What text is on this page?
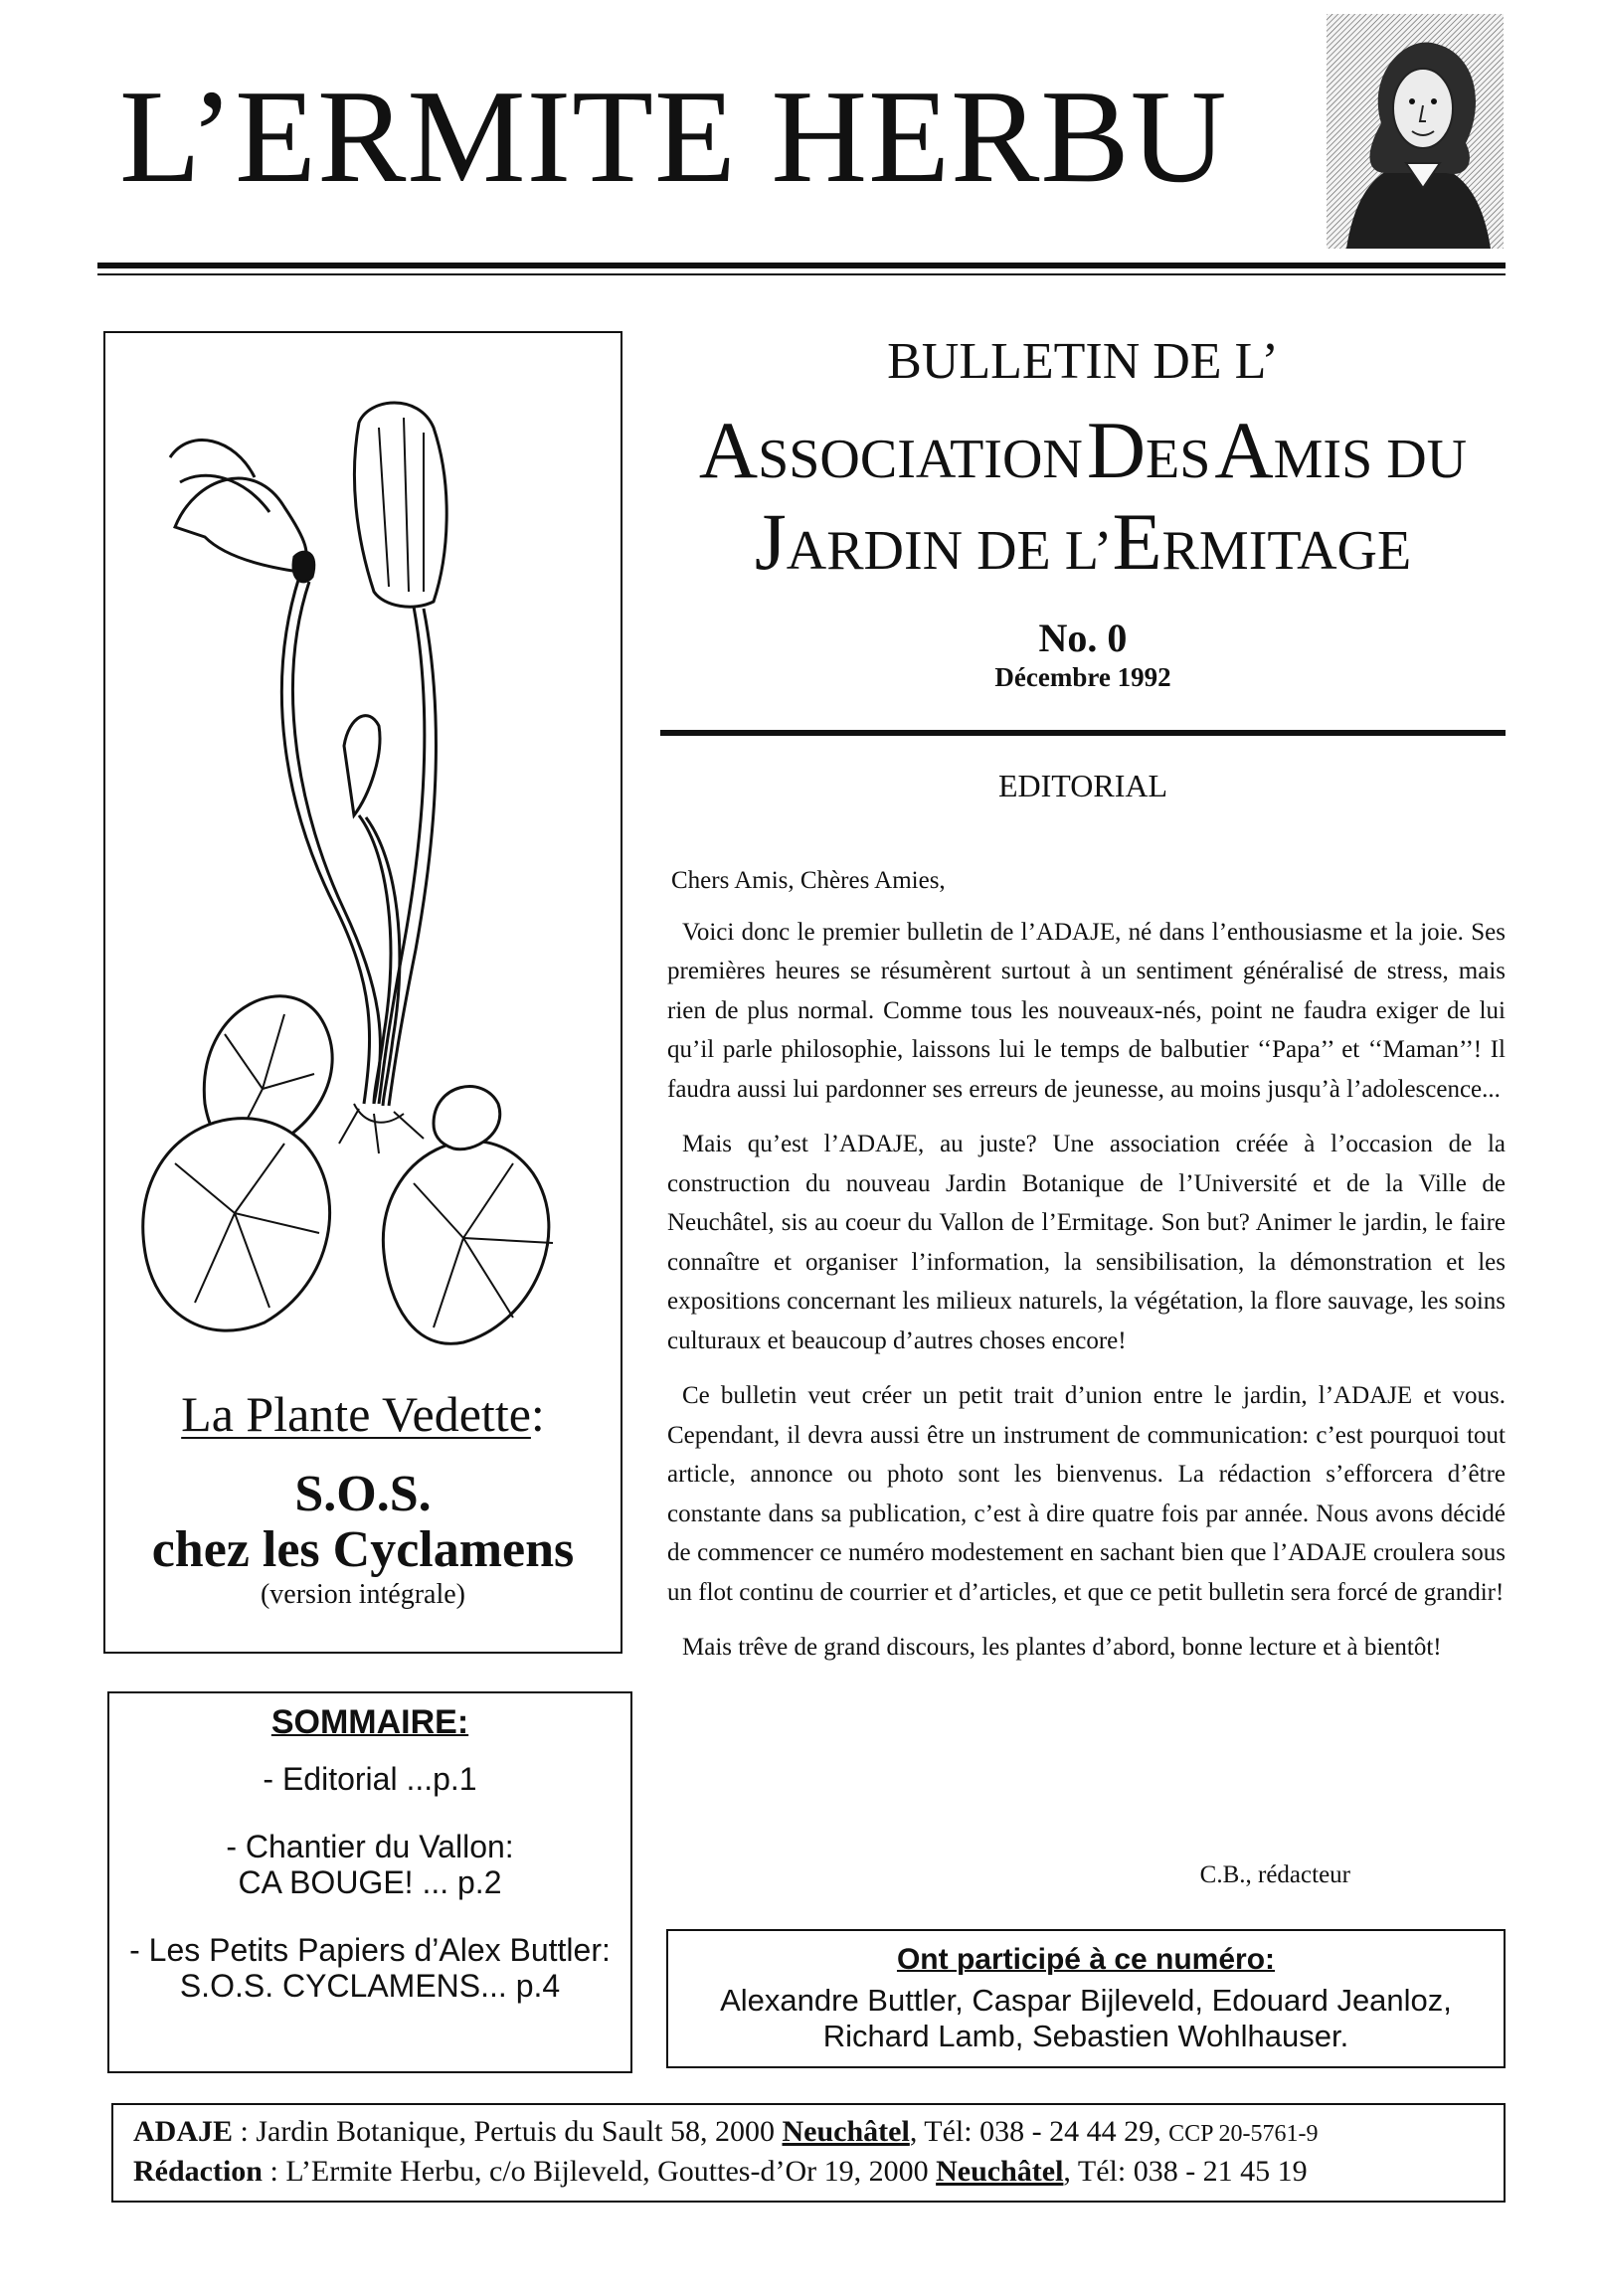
L’ERMITE HERBU
La Plante Vedette:
S.O.S.
chez les Cyclamens
(version intégrale)
SOMMAIRE:
- Editorial ...p.1
- Chantier du Vallon:
CA BOUGE! ... p.2
- Les Petits Papiers d’Alex Buttler:
S.O.S. CYCLAMENS... p.4
BULLETIN DE L’
ASSOCIATION DES AMIS DU
JARDIN DE L’ERMITAGE
No. 0
Décembre 1992
EDITORIAL

Chers Amis, Chères Amies,

Voici donc le premier bulletin de l’ADAJE, né dans l’enthousiasme et la joie. Ses premières heures se résumèrent surtout à un sentiment généralisé de stress, mais rien de plus normal. Comme tous les nouveaux-nés, point ne faudra exiger de lui qu’il parle philosophie, laissons lui le temps de balbutier ‘‘Papa’’ et ‘‘Maman’’! Il faudra aussi lui pardonner ses erreurs de jeunesse, au moins jusqu’à l’adolescence...

Mais qu’est l’ADAJE, au juste? Une association créée à l’occasion de la construction du nouveau Jardin Botanique de l’Université et de la Ville de Neuchâtel, sis au coeur du Vallon de l’Ermitage. Son but? Animer le jardin, le faire connaître et organiser l’information, la sensibilisation, la démonstration et les expositions concernant les milieux naturels, la végétation, la flore sauvage, les soins culturaux et beaucoup d’autres choses encore!

Ce bulletin veut créer un petit trait d’union entre le jardin, l’ADAJE et vous. Cependant, il devra aussi être un instrument de communication: c’est pourquoi tout article, annonce ou photo sont les bienvenus. La rédaction s’efforcera d’être constante dans sa publication, c’est à dire quatre fois par année. Nous avons décidé de commencer ce numéro modestement en sachant bien que l’ADAJE croulera sous un flot continu de courrier et d’articles, et que ce petit bulletin sera forcé de grandir!

Mais trêve de grand discours, les plantes d’abord, bonne lecture et à bientôt!

C.B., rédacteur
Ont participé à ce numéro:
Alexandre Buttler, Caspar Bijleveld, Edouard Jeanloz,
Richard Lamb, Sebastien Wohlhauser.
ADAJE : Jardin Botanique, Pertuis du Sault 58, 2000 Neuchâtel, Tél: 038 - 24 44 29, CCP 20-5761-9
Rédaction : L’Ermite Herbu, c/o Bijleveld, Gouttes-d’Or 19, 2000 Neuchâtel, Tél: 038 - 21 45 19
